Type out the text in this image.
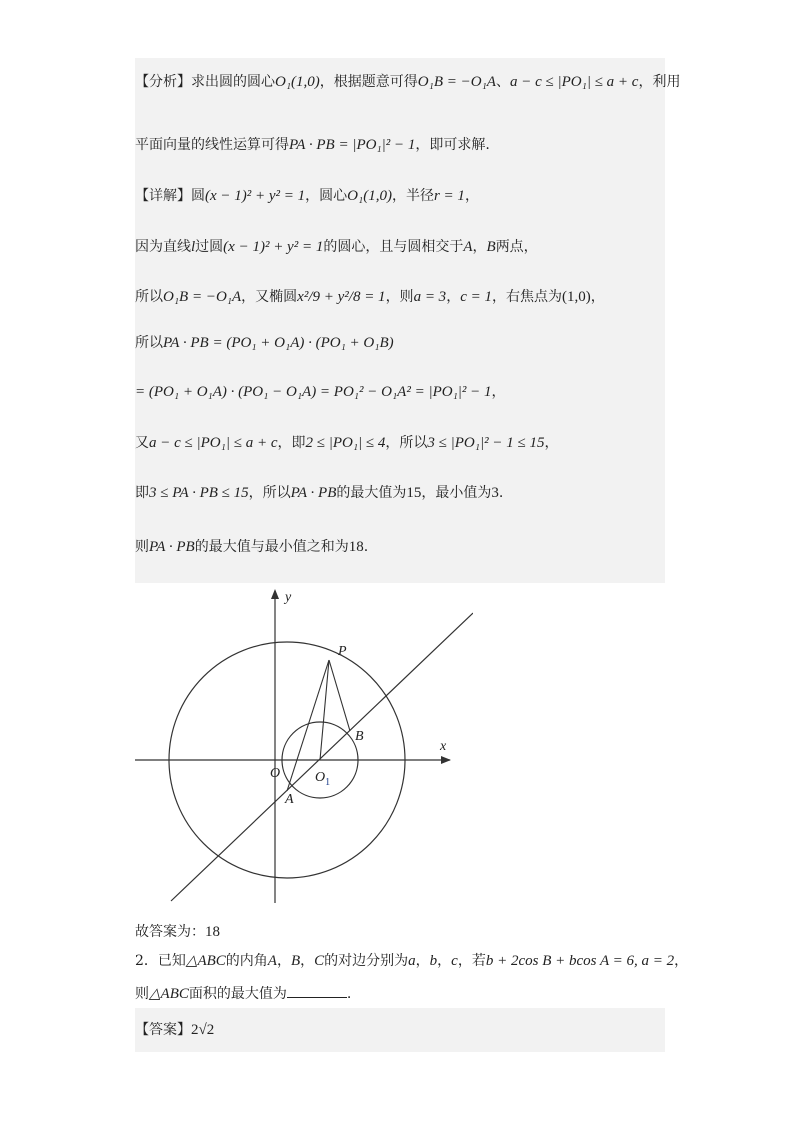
【分析】求出圆的圆心O₁(1,0)，根据题意可得O₁B = −O₁A、a − c ≤ |PO₁| ≤ a + c，利用
平面向量的线性运算可得PA · PB = |PO₁|² − 1，即可求解.
【详解】圆(x − 1)² + y² = 1，圆心O₁(1,0)，半径r = 1，
因为直线l过圆(x − 1)² + y² = 1的圆心，且与圆相交于A，B两点，
所以O₁B = −O₁A，又椭圆x²/9 + y²/8 = 1，则a = 3，c = 1，右焦点为(1,0)，
所以PA · PB = (PO₁ + O₁A) · (PO₁ + O₁B)
= (PO₁ + O₁A) · (PO₁ − O₁A) = PO₁² − O₁A² = |PO₁|² − 1，
又a − c ≤ |PO₁| ≤ a + c，即2 ≤ |PO₁| ≤ 4，所以3 ≤ |PO₁|² − 1 ≤ 15，
即3 ≤ PA · PB ≤ 15，所以PA · PB的最大值为15，最小值为3.
则PA · PB的最大值与最小值之和为18.
y
x
P
B
O $O_1$
A
故答案为：18
2．已知△ABC的内角A，B，C的对边分别为a，b，c，若b + 2cos B + bcos A = 6, a = 2，
则△ABC面积的最大值为	.
【答案】2√2
